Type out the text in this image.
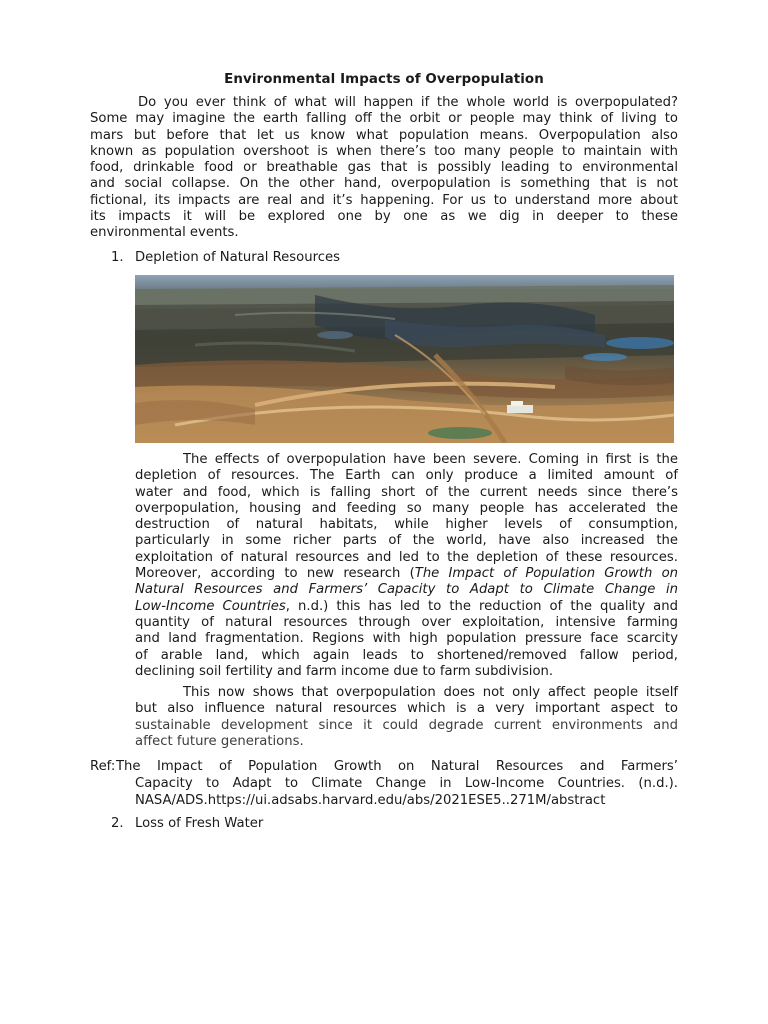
Environmental Impacts of Overpopulation
Do you ever think of what will happen if the whole world is overpopulated?
Some may imagine the earth falling off the orbit or people may think of living to
mars but before that let us know what population means. Overpopulation also
known as population overshoot is when there’s too many people to maintain with
food, drinkable food or breathable gas that is possibly leading to environmental
and social collapse. On the other hand, overpopulation is something that is not
fictional, its impacts are real and it’s happening. For us to understand more about
its impacts it will be explored one by one as we dig in deeper to these
environmental events.
1. Depletion of Natural Resources
The effects of overpopulation have been severe. Coming in first is the
depletion of resources. The Earth can only produce a limited amount of
water and food, which is falling short of the current needs since there’s
overpopulation, housing and feeding so many people has accelerated the
destruction of natural habitats, while higher levels of consumption,
particularly in some richer parts of the world, have also increased the
exploitation of natural resources and led to the depletion of these resources.
Moreover, according to new research (The Impact of Population Growth on
Natural Resources and Farmers’ Capacity to Adapt to Climate Change in
Low-Income Countries, n.d.) this has led to the reduction of the quality and
quantity of natural resources through over exploitation, intensive farming
and land fragmentation. Regions with high population pressure face scarcity
of arable land, which again leads to shortened/removed fallow period,
declining soil fertility and farm income due to farm subdivision.
This now shows that overpopulation does not only affect people itself
but also influence natural resources which is a very important aspect to
sustainable development since it could degrade current environments and
affect future generations.
Ref: The Impact of Population Growth on Natural Resources and Farmers’
Capacity to Adapt to Climate Change in Low-Income Countries. (n.d.).
NASA/ADS.https://ui.adsabs.harvard.edu/abs/2021ESE5..271M/abstract
2. Loss of Fresh Water
